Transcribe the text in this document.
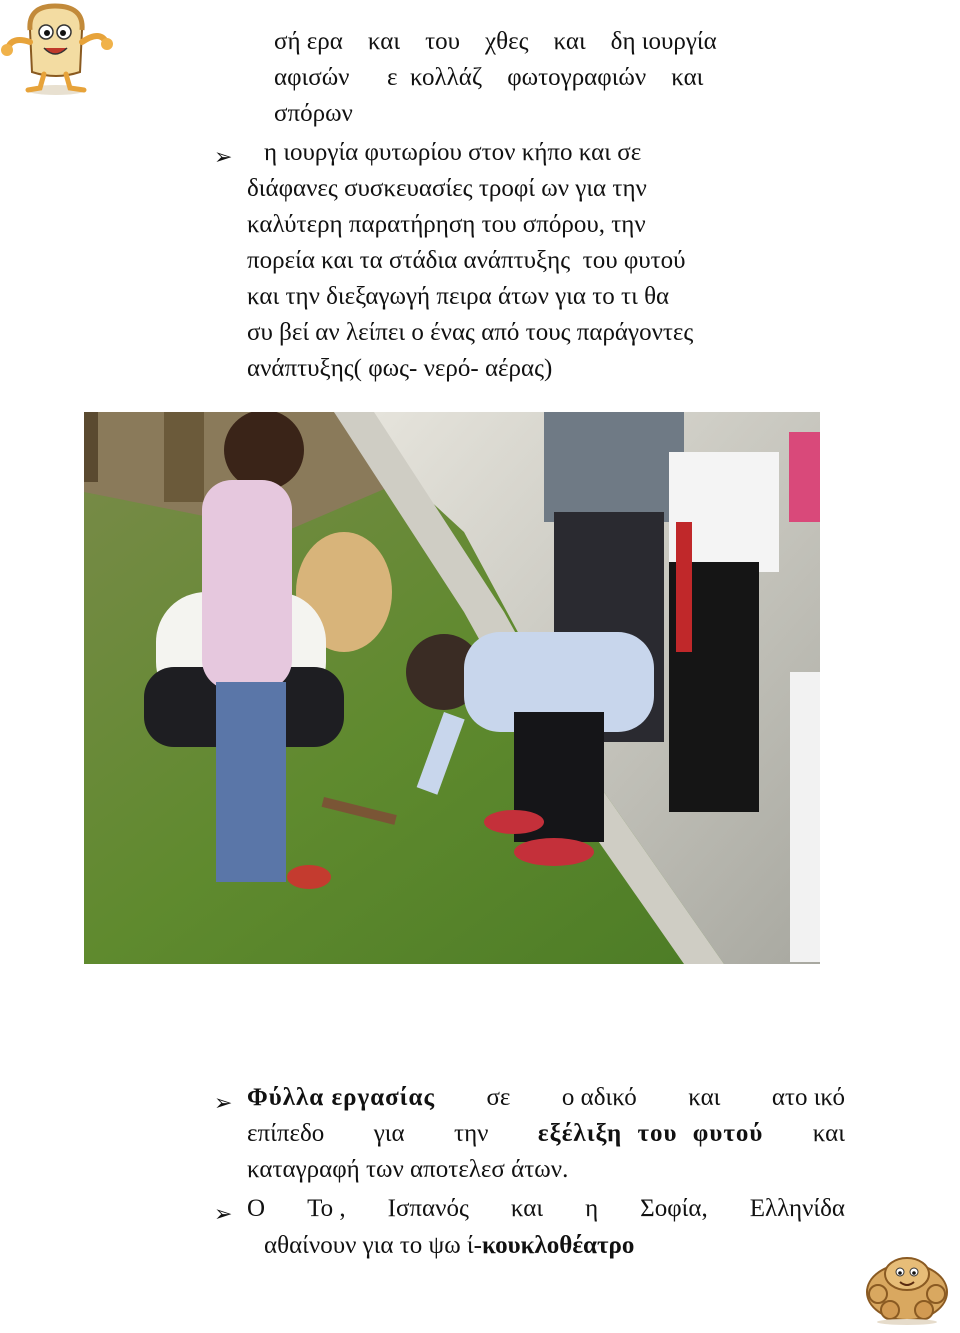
σή ερα    και    του    χθες    και    δη ιουργία
αφισών      ε  κολλάζ    φωτογραφιών    και
σπόρων
➢ η ιουργία φυτωρίου στον κήπο και σε
διάφανες συσκευασίες τροφί ων για την
καλύτερη παρατήρηση του σπόρου, την
πορεία και τα στάδια ανάπτυξης  του φυτού
και την διεξαγωγή πειρα άτων για το τι θα
συ βεί αν λείπει ο ένας από τους παράγοντες
ανάπτυξης( φως- νερό- αέρας)
➢ Φύλλα εργασίας σε ο αδικό και ατο ικό
επίπεδο για την εξέλιξη του φυτού και
καταγραφή των αποτελεσ άτων.
➢ Ο Το , Ισπανός και η Σοφία, Ελληνίδα
αθαίνουν για το ψω ί-κουκλοθέατρο
